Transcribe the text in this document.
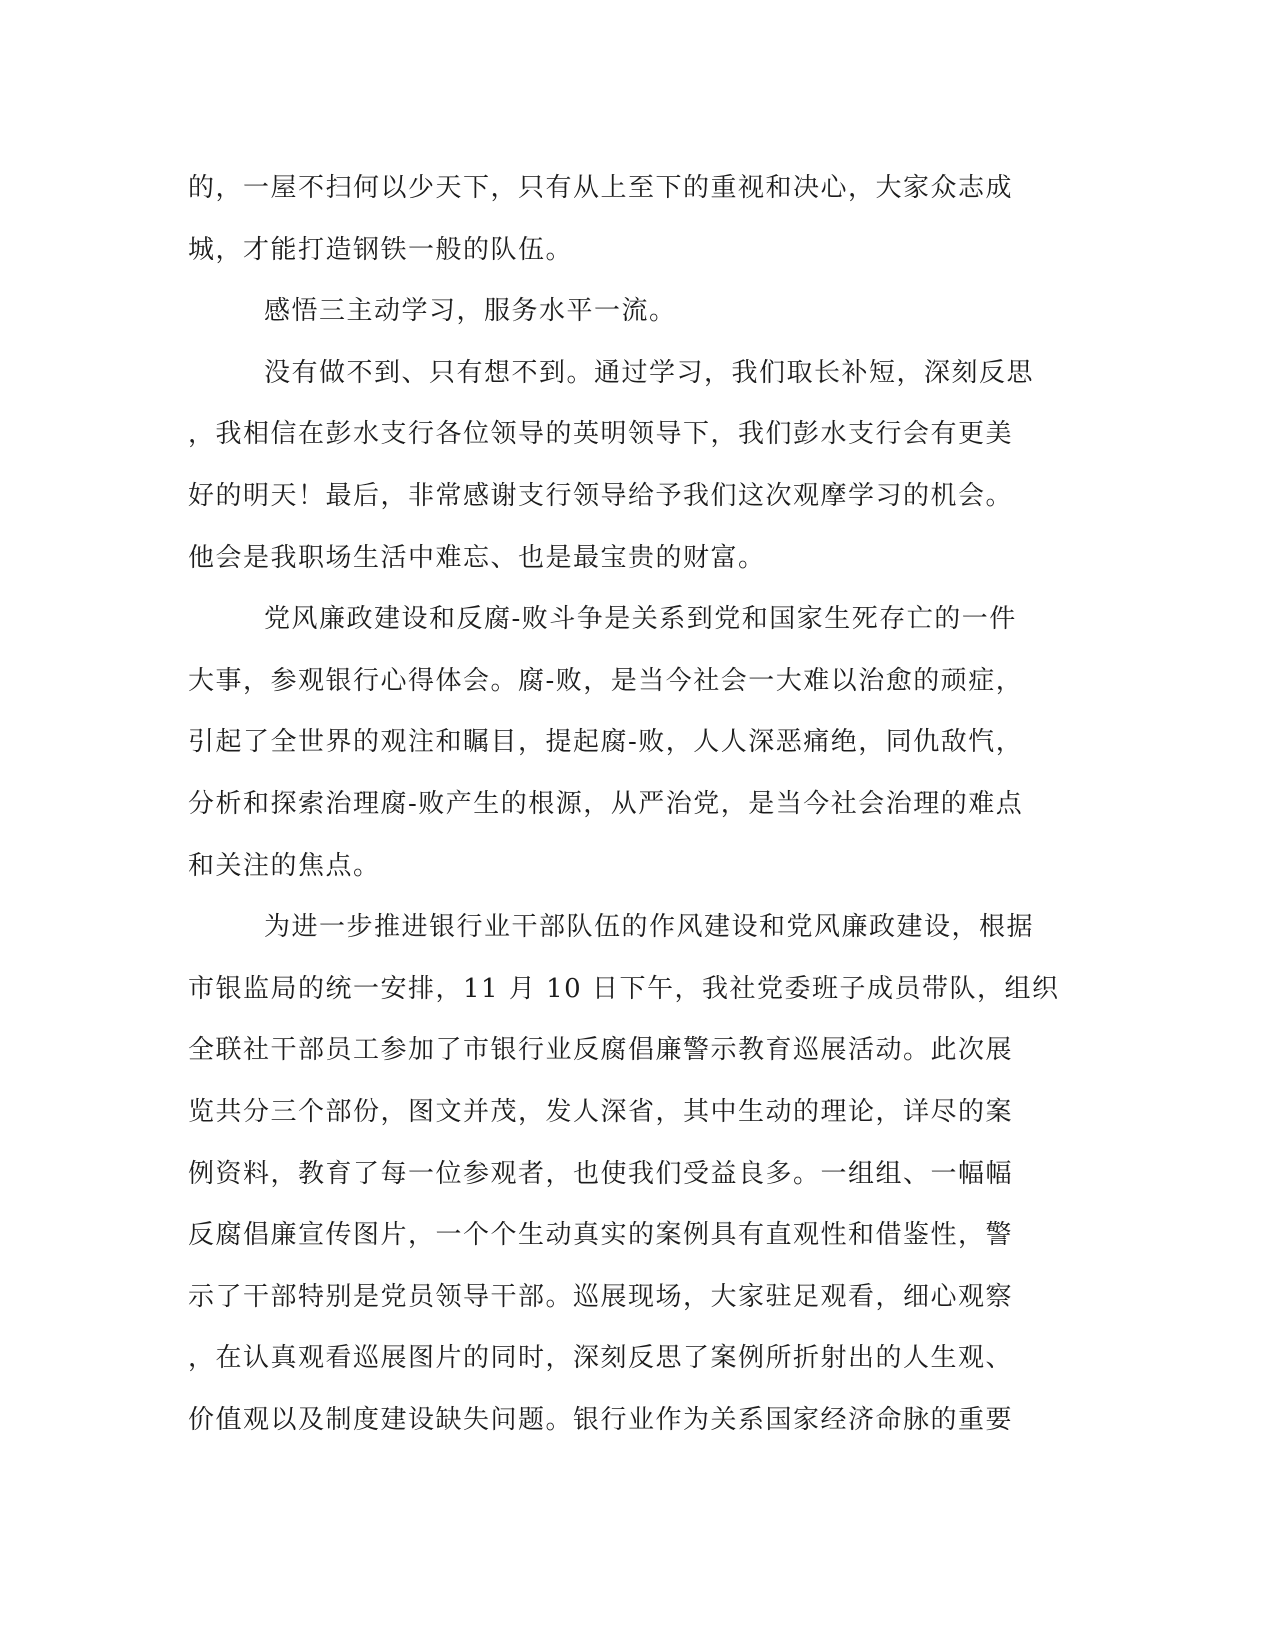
的，一屋不扫何以少天下，只有从上至下的重视和决心，大家众志成
城，才能打造钢铁一般的队伍。
感悟三主动学习，服务水平一流。
没有做不到、只有想不到。通过学习，我们取长补短，深刻反思
，我相信在彭水支行各位领导的英明领导下，我们彭水支行会有更美
好的明天！最后，非常感谢支行领导给予我们这次观摩学习的机会。
他会是我职场生活中难忘、也是最宝贵的财富。
党风廉政建设和反腐-败斗争是关系到党和国家生死存亡的一件
大事，参观银行心得体会。腐-败，是当今社会一大难以治愈的顽症，
引起了全世界的观注和瞩目，提起腐-败，人人深恶痛绝，同仇敌忾，
分析和探索治理腐-败产生的根源，从严治党，是当今社会治理的难点
和关注的焦点。
为进一步推进银行业干部队伍的作风建设和党风廉政建设，根据
市银监局的统一安排，11 月 10 日下午，我社党委班子成员带队，组织
全联社干部员工参加了市银行业反腐倡廉警示教育巡展活动。此次展
览共分三个部份，图文并茂，发人深省，其中生动的理论，详尽的案
例资料，教育了每一位参观者，也使我们受益良多。一组组、一幅幅
反腐倡廉宣传图片，一个个生动真实的案例具有直观性和借鉴性，警
示了干部特别是党员领导干部。巡展现场，大家驻足观看，细心观察
，在认真观看巡展图片的同时，深刻反思了案例所折射出的人生观、
价值观以及制度建设缺失问题。银行业作为关系国家经济命脉的重要
